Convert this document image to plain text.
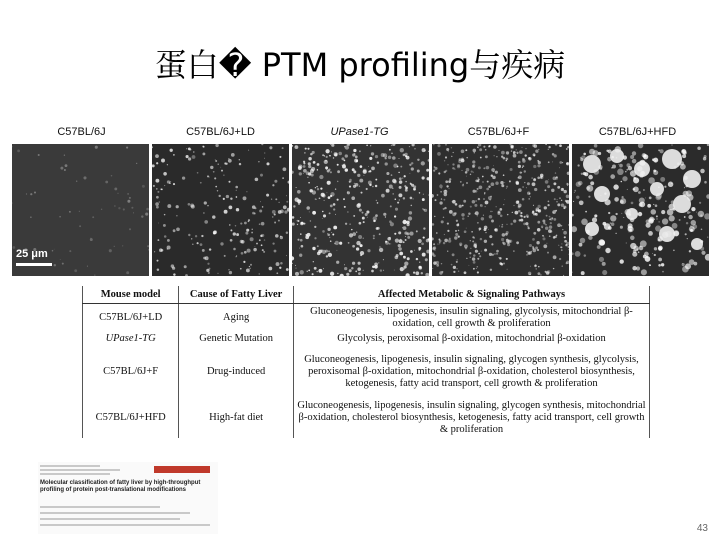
蛋白� PTM profiling与疾病
C57BL/6J	C57BL/6J+LD	UPase1-TG	C57BL/6J+F	C57BL/6J+HFD
25 μm
Mouse model	Cause of Fatty Liver	Affected Metabolic & Signaling Pathways
C57BL/6J+LD	Aging	Gluconeogenesis, lipogenesis, insulin signaling, glycolysis, mitochondrial β-oxidation, cell growth & proliferation
UPase1-TG	Genetic Mutation	Glycolysis, peroxisomal β-oxidation, mitochondrial β-oxidation
C57BL/6J+F	Drug-induced	Gluconeogenesis, lipogenesis, insulin signaling, glycogen synthesis, glycolysis, peroxisomal β-oxidation, mitochondrial β-oxidation, cholesterol biosynthesis, ketogenesis, fatty acid transport, cell growth & proliferation
C57BL/6J+HFD	High-fat diet	Gluconeogenesis, lipogenesis, insulin signaling, glycogen synthesis, mitochondrial β-oxidation, cholesterol biosynthesis, ketogenesis, fatty acid transport, cell growth & proliferation
Molecular classification of fatty liver by high-throughput profiling of protein post-translational modifications
43
